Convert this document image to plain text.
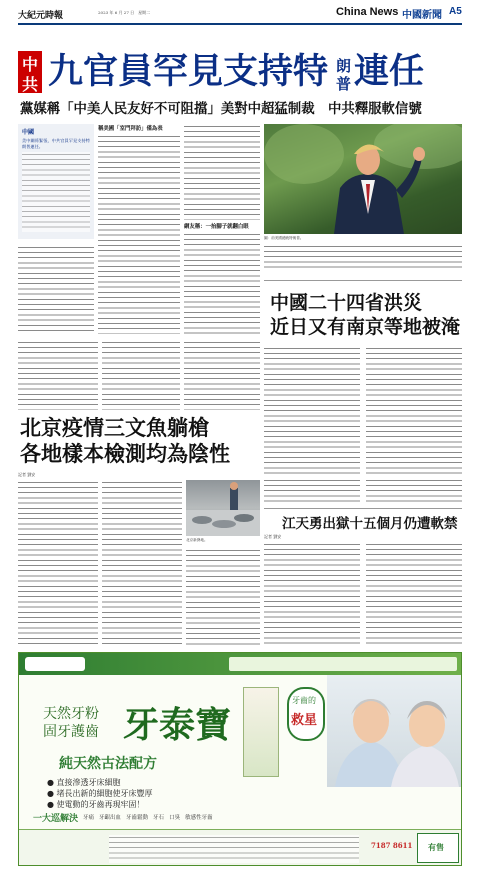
大紀元時報	2023 年 6 月 27 日　星期二	China News 中國新聞 A5
中
共 九官員罕見支持特 朗
普 連任
黨媒稱「中美人民友好不可阻擋」美對中超猛制裁　中共釋服軟信號
中國
美中關係緊張，中共官員罕見支持特朗普連任。
稱美國「室門拜訪」僅為表
網友稱：一抬腳子就翻白眼
圖：前美國總統特朗普。
中國二十四省洪災
近日又有南京等地被淹
北京疫情三文魚躺槍
各地樣本檢測均為陰性
記者 劉安
北京新發地。
江天勇出獄十五個月仍遭軟禁
記者 劉安
天然牙粉
固牙護齒 牙泰寶
純天然古法配方
● 直接滲透牙床細胞
● 堵長出新的細胞使牙床豐厚
● 使電動的牙齒再現牢固！
牙齒的
救星
一大巡解決 牙痛 牙齦出血 牙齒鬆動 牙石 口臭 敏感性牙齒
7187 8611 有售
